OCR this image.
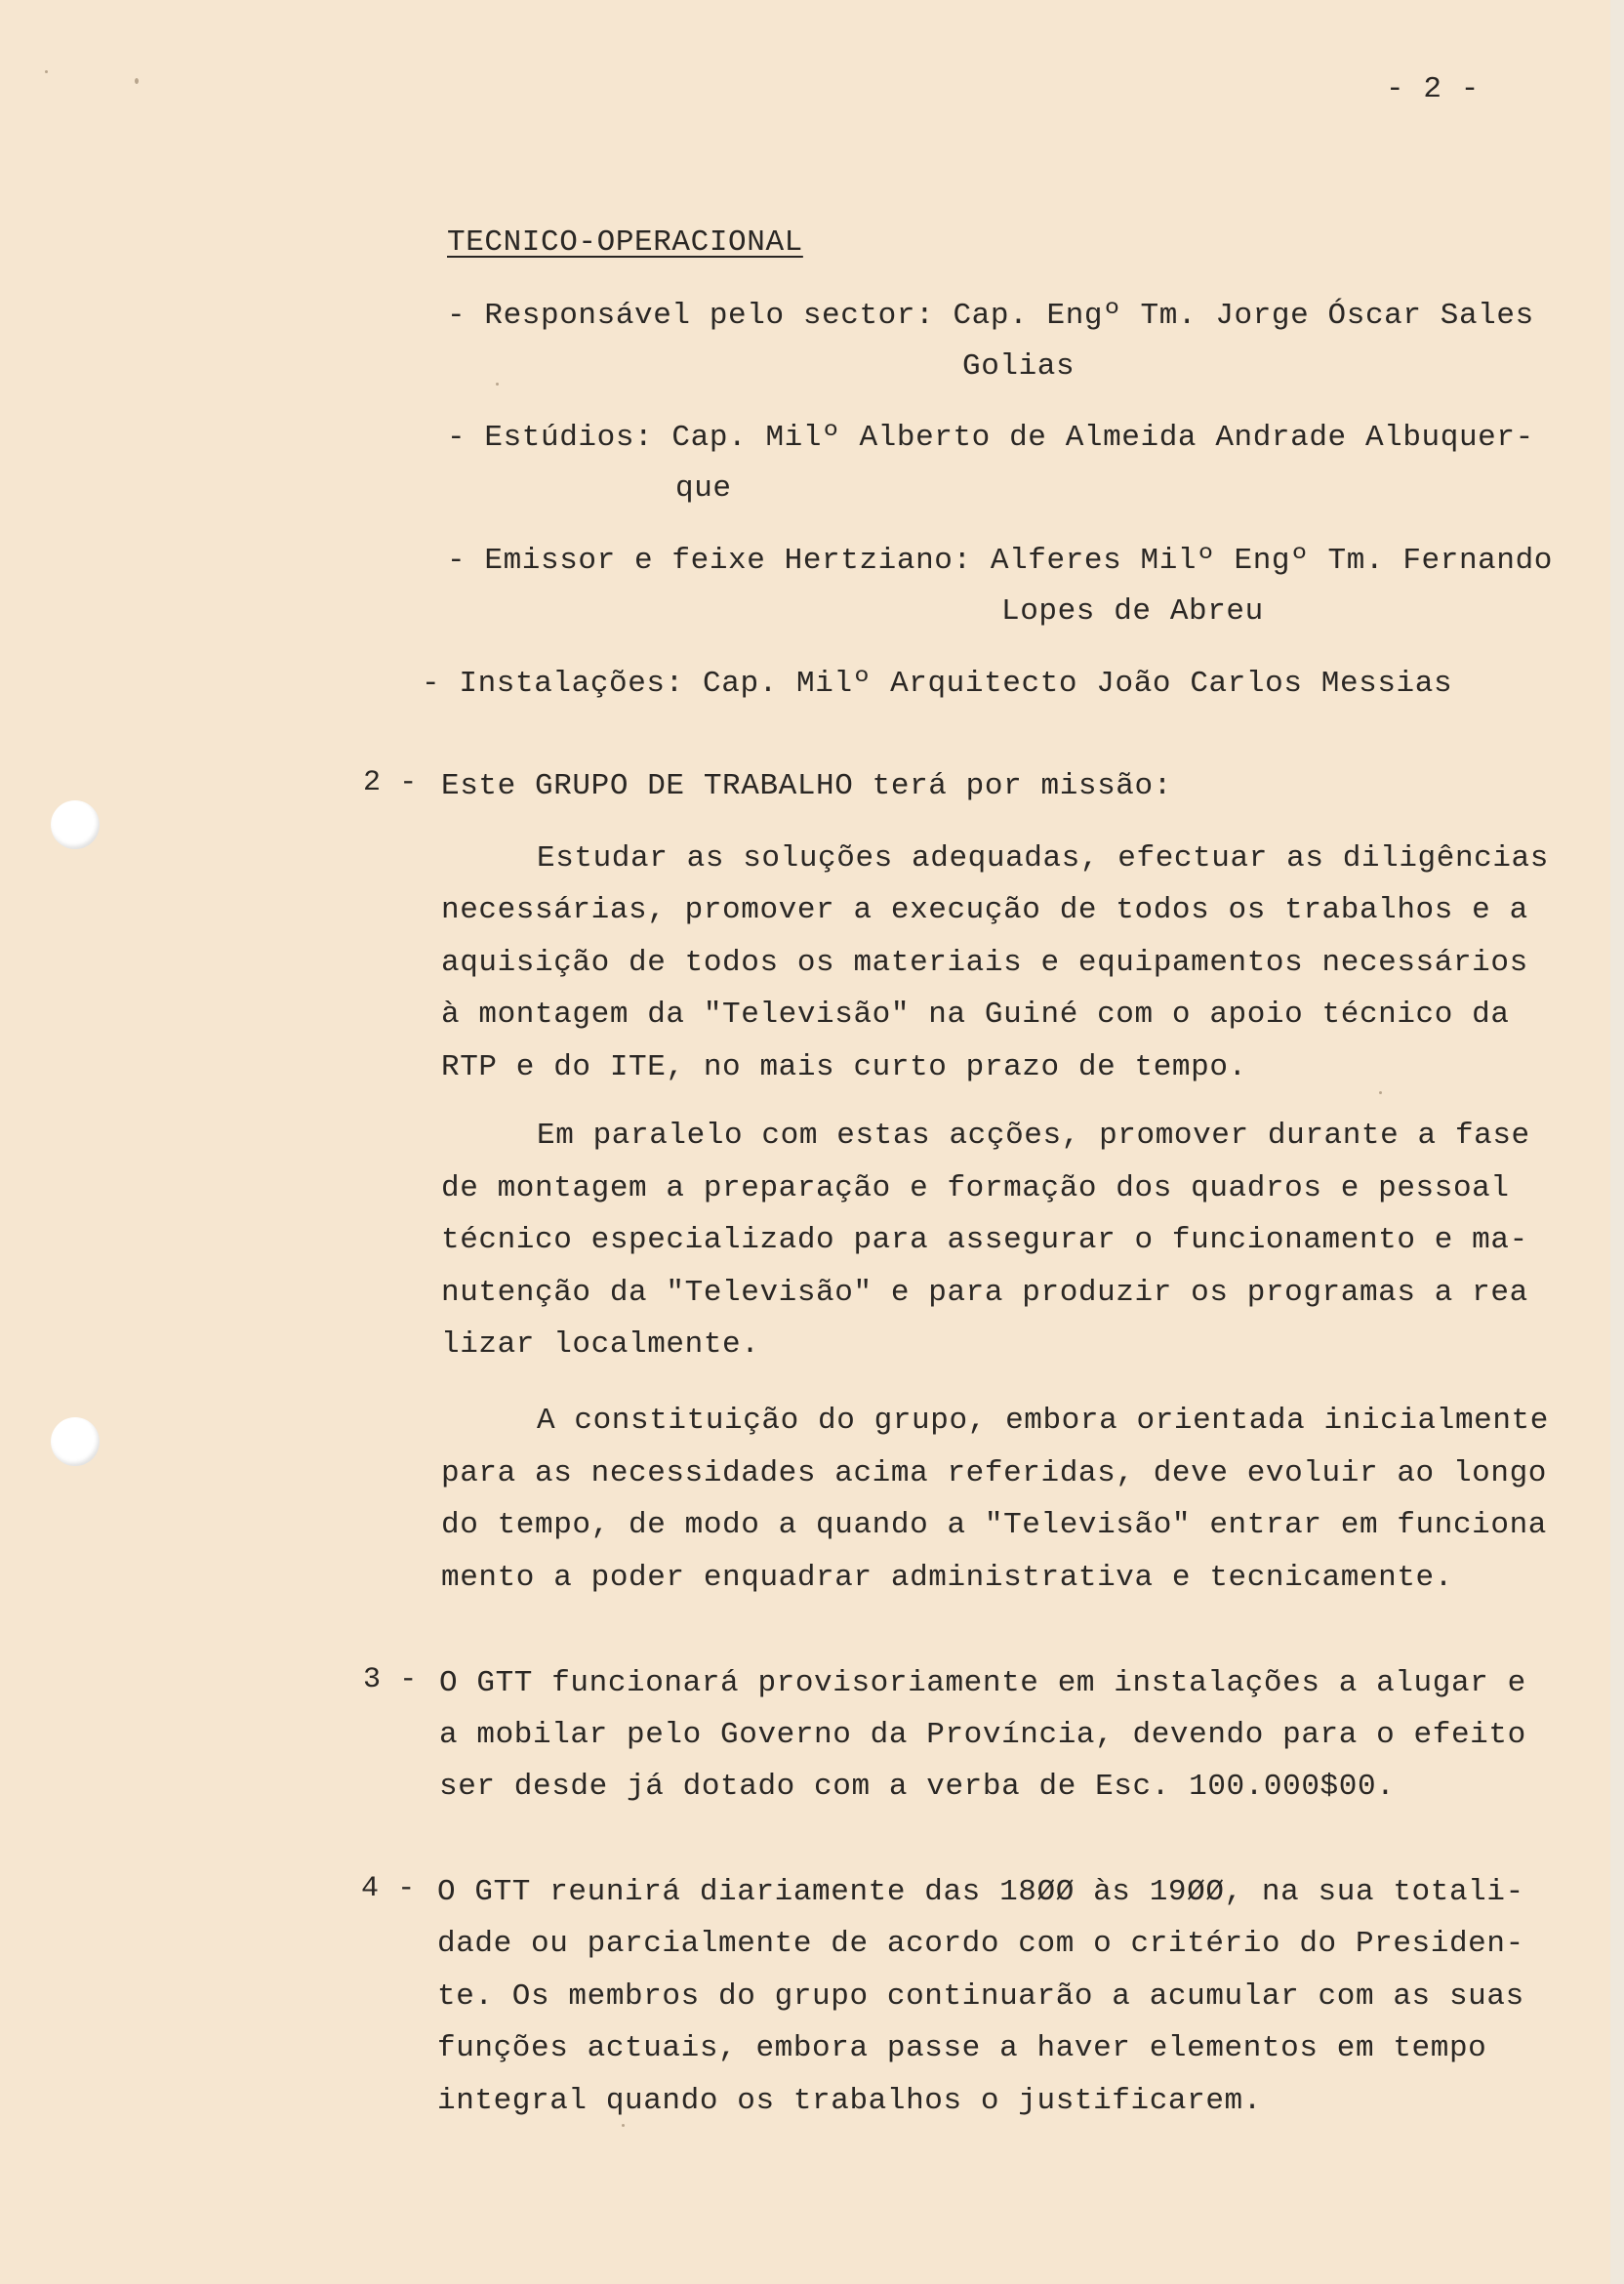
- 2 -
TECNICO-OPERACIONAL
- Responsável pelo sector: Cap. Engº Tm. Jorge Óscar Sales
Golias
- Estúdios: Cap. Milº Alberto de Almeida Andrade Albuquer-
que
- Emissor e feixe Hertziano: Alferes Milº Engº Tm. Fernando
Lopes de Abreu
- Instalações: Cap. Milº Arquitecto João Carlos Messias
2 - Este GRUPO DE TRABALHO terá por missão:
Estudar as soluções adequadas, efectuar as diligências
necessárias, promover a execução de todos os trabalhos e a
aquisição de todos os materiais e equipamentos necessários
à montagem da "Televisão" na Guiné com o apoio técnico da
RTP e do ITE, no mais curto prazo de tempo.
Em paralelo com estas acções, promover durante a fase
de montagem a preparação e formação dos quadros e pessoal
técnico especializado para assegurar o funcionamento e ma-
nutenção da "Televisão" e para produzir os programas a rea
lizar localmente.
A constituição do grupo, embora orientada inicialmente
para as necessidades acima referidas, deve evoluir ao longo
do tempo, de modo a quando a "Televisão" entrar em funciona
mento a poder enquadrar administrativa e tecnicamente.
3 - O GTT funcionará provisoriamente em instalações a alugar e
a mobilar pelo Governo da Província, devendo para o efeito
ser desde já dotado com a verba de Esc. 100.000$00.
4 - O GTT reunirá diariamente das 18ØØ às 19ØØ, na sua totali-
dade ou parcialmente de acordo com o critério do Presiden-
te. Os membros do grupo continuarão a acumular com as suas
funções actuais, embora passe a haver elementos em tempo
integral quando os trabalhos o justificarem.
